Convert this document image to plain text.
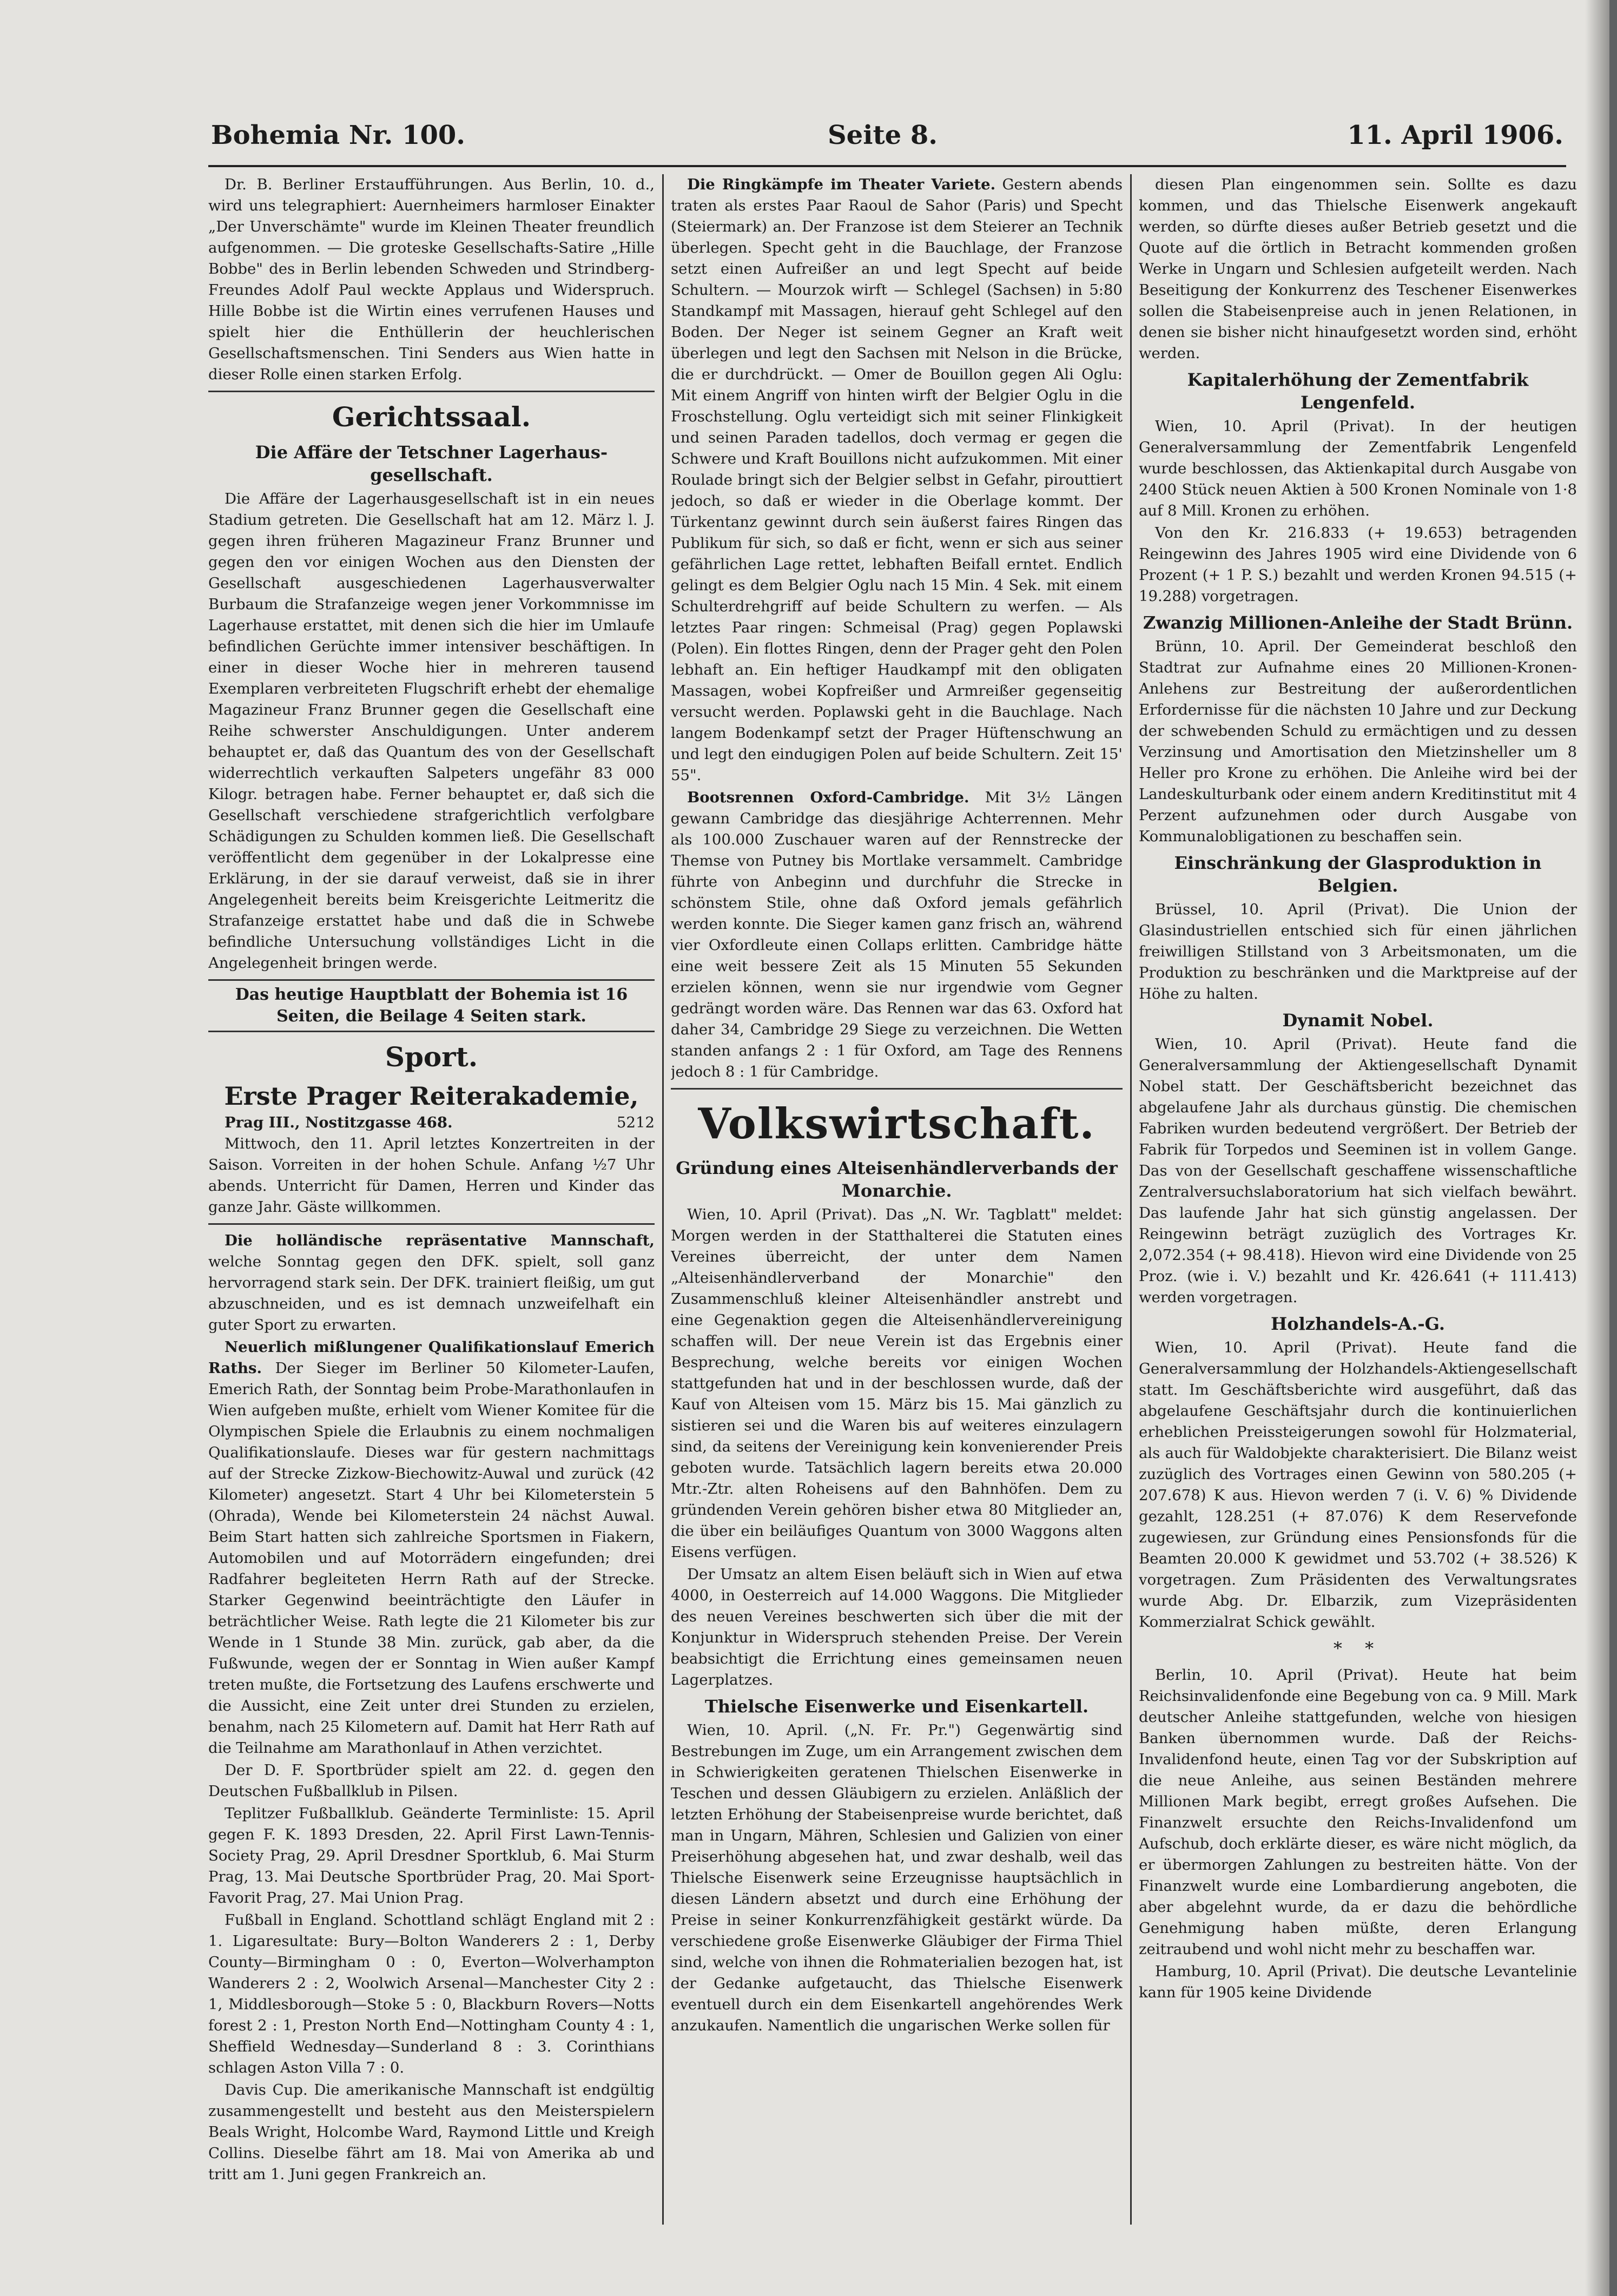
Bohemia Nr. 100.	Seite 8.	11. April 1906.

Dr. B. Berliner Erstaufführungen. Aus Berlin, 10. d., wird uns telegraphiert: Auernheimers harmloser Einakter „Der Unverschämte" wurde im Kleinen Theater freundlich aufgenommen. — Die groteske Gesellschafts-Satire „Hille Bobbe" des in Berlin lebenden Schweden und Strindberg-Freundes Adolf Paul weckte Applaus und Widerspruch. Hille Bobbe ist die Wirtin eines verrufenen Hauses und spielt hier die Enthüllerin der heuchlerischen Gesellschaftsmenschen. Tini Senders aus Wien hatte in dieser Rolle einen starken Erfolg.

Gerichtssaal.
Die Affäre der Tetschner Lagerhaus-gesellschaft.

Die Affäre der Lagerhausgesellschaft ist in ein neues Stadium getreten. Die Gesellschaft hat am 12. März l. J. gegen ihren früheren Magazineur Franz Brunner und gegen den vor einigen Wochen aus den Diensten der Gesellschaft ausgeschiedenen Lagerhausverwalter Burbaum die Strafanzeige wegen jener Vorkommnisse im Lagerhause erstattet, mit denen sich die hier im Umlaufe befindlichen Gerüchte immer intensiver beschäftigen. In einer in dieser Woche hier in mehreren tausend Exemplaren verbreiteten Flugschrift erhebt der ehemalige Magazineur Franz Brunner gegen die Gesellschaft eine Reihe schwerster Anschuldigungen. Unter anderem behauptet er, daß das Quantum des von der Gesellschaft widerrechtlich verkauften Salpeters ungefähr 83 000 Kilogr. betragen habe. Ferner behauptet er, daß sich die Gesellschaft verschiedene strafgerichtlich verfolgbare Schädigungen zu Schulden kommen ließ. Die Gesellschaft veröffentlicht dem gegenüber in der Lokalpresse eine Erklärung, in der sie darauf verweist, daß sie in ihrer Angelegenheit bereits beim Kreisgerichte Leitmeritz die Strafanzeige erstattet habe und daß die in Schwebe befindliche Untersuchung vollständiges Licht in die Angelegenheit bringen werde.

Das heutige Hauptblatt der Bohemia ist 16 Seiten, die Beilage 4 Seiten stark.
Sport.
Erste Prager Reiterakademie,

Prag III., Nostitzgasse 468.	5212

Mittwoch, den 11. April letztes Konzertreiten in der Saison. Vorreiten in der hohen Schule. Anfang ½7 Uhr abends. Unterricht für Damen, Herren und Kinder das ganze Jahr. Gäste willkommen.

Die holländische repräsentative Mannschaft, welche Sonntag gegen den DFK. spielt, soll ganz hervorragend stark sein. Der DFK. trainiert fleißig, um gut abzuschneiden, und es ist demnach unzweifelhaft ein guter Sport zu erwarten.

Neuerlich mißlungener Qualifikationslauf Emerich Raths. Der Sieger im Berliner 50 Kilometer-Laufen, Emerich Rath, der Sonntag beim Probe-Marathonlaufen in Wien aufgeben mußte, erhielt vom Wiener Komitee für die Olympischen Spiele die Erlaubnis zu einem nochmaligen Qualifikationslaufe. Dieses war für gestern nachmittags auf der Strecke Zizkow-Biechowitz-Auwal und zurück (42 Kilometer) angesetzt. Start 4 Uhr bei Kilometerstein 5 (Ohrada), Wende bei Kilometerstein 24 nächst Auwal. Beim Start hatten sich zahlreiche Sportsmen in Fiakern, Automobilen und auf Motorrädern eingefunden; drei Radfahrer begleiteten Herrn Rath auf der Strecke. Starker Gegenwind beeinträchtigte den Läufer in beträchtlicher Weise. Rath legte die 21 Kilometer bis zur Wende in 1 Stunde 38 Min. zurück, gab aber, da die Fußwunde, wegen der er Sonntag in Wien außer Kampf treten mußte, die Fortsetzung des Laufens erschwerte und die Aussicht, eine Zeit unter drei Stunden zu erzielen, benahm, nach 25 Kilometern auf. Damit hat Herr Rath auf die Teilnahme am Marathonlauf in Athen verzichtet.

Der D. F. Sportbrüder spielt am 22. d. gegen den Deutschen Fußballklub in Pilsen.

Teplitzer Fußballklub. Geänderte Terminliste: 15. April gegen F. K. 1893 Dresden, 22. April First Lawn-Tennis-Society Prag, 29. April Dresdner Sportklub, 6. Mai Sturm Prag, 13. Mai Deutsche Sportbrüder Prag, 20. Mai Sport-Favorit Prag, 27. Mai Union Prag.

Fußball in England. Schottland schlägt England mit 2 : 1. Ligaresultate: Bury—Bolton Wanderers 2 : 1, Derby County—Birmingham 0 : 0, Everton—Wolverhampton Wanderers 2 : 2, Woolwich Arsenal—Manchester City 2 : 1, Middlesborough—Stoke 5 : 0, Blackburn Rovers—Notts forest 2 : 1, Preston North End—Nottingham County 4 : 1, Sheffield Wednesday—Sunderland 8 : 3. Corinthians schlagen Aston Villa 7 : 0.

Davis Cup. Die amerikanische Mannschaft ist endgültig zusammengestellt und besteht aus den Meisterspielern Beals Wright, Holcombe Ward, Raymond Little und Kreigh Collins. Dieselbe fährt am 18. Mai von Amerika ab und tritt am 1. Juni gegen Frankreich an.

Die Ringkämpfe im Theater Variete. Gestern abends traten als erstes Paar Raoul de Sahor (Paris) und Specht (Steiermark) an. Der Franzose ist dem Steierer an Technik überlegen. Specht geht in die Bauchlage, der Franzose setzt einen Aufreißer an und legt Specht auf beide Schultern. — Mourzok wirft — Schlegel (Sachsen) in 5:80 Standkampf mit Massagen, hierauf geht Schlegel auf den Boden. Der Neger ist seinem Gegner an Kraft weit überlegen und legt den Sachsen mit Nelson in die Brücke, die er durchdrückt. — Omer de Bouillon gegen Ali Oglu: Mit einem Angriff von hinten wirft der Belgier Oglu in die Froschstellung. Oglu verteidigt sich mit seiner Flinkigkeit und seinen Paraden tadellos, doch vermag er gegen die Schwere und Kraft Bouillons nicht aufzukommen. Mit einer Roulade bringt sich der Belgier selbst in Gefahr, pirouttiert jedoch, so daß er wieder in die Oberlage kommt. Der Türkentanz gewinnt durch sein äußerst faires Ringen das Publikum für sich, so daß er ficht, wenn er sich aus seiner gefährlichen Lage rettet, lebhaften Beifall erntet. Endlich gelingt es dem Belgier Oglu nach 15 Min. 4 Sek. mit einem Schulterdrehgriff auf beide Schultern zu werfen. — Als letztes Paar ringen: Schmeisal (Prag) gegen Poplawski (Polen). Ein flottes Ringen, denn der Prager geht den Polen lebhaft an. Ein heftiger Haudkampf mit den obligaten Massagen, wobei Kopfreißer und Armreißer gegenseitig versucht werden. Poplawski geht in die Bauchlage. Nach langem Bodenkampf setzt der Prager Hüftenschwung an und legt den eindugigen Polen auf beide Schultern. Zeit 15' 55".

Bootsrennen Oxford-Cambridge. Mit 3½ Längen gewann Cambridge das diesjährige Achterrennen. Mehr als 100.000 Zuschauer waren auf der Rennstrecke der Themse von Putney bis Mortlake versammelt. Cambridge führte von Anbeginn und durchfuhr die Strecke in schönstem Stile, ohne daß Oxford jemals gefährlich werden konnte. Die Sieger kamen ganz frisch an, während vier Oxfordleute einen Collaps erlitten. Cambridge hätte eine weit bessere Zeit als 15 Minuten 55 Sekunden erzielen können, wenn sie nur irgendwie vom Gegner gedrängt worden wäre. Das Rennen war das 63. Oxford hat daher 34, Cambridge 29 Siege zu verzeichnen. Die Wetten standen anfangs 2 : 1 für Oxford, am Tage des Rennens jedoch 8 : 1 für Cambridge.

Volkswirtschaft.
Gründung eines Alteisenhändlerverbands der Monarchie.

Wien, 10. April (Privat). Das „N. Wr. Tagblatt" meldet: Morgen werden in der Statthalterei die Statuten eines Vereines überreicht, der unter dem Namen „Alteisenhändlerverband der Monarchie" den Zusammenschluß kleiner Alteisenhändler anstrebt und eine Gegenaktion gegen die Alteisenhändlervereinigung schaffen will. Der neue Verein ist das Ergebnis einer Besprechung, welche bereits vor einigen Wochen stattgefunden hat und in der beschlossen wurde, daß der Kauf von Alteisen vom 15. März bis 15. Mai gänzlich zu sistieren sei und die Waren bis auf weiteres einzulagern sind, da seitens der Vereinigung kein konvenierender Preis geboten wurde. Tatsächlich lagern bereits etwa 20.000 Mtr.-Ztr. alten Roheisens auf den Bahnhöfen. Dem zu gründenden Verein gehören bisher etwa 80 Mitglieder an, die über ein beiläufiges Quantum von 3000 Waggons alten Eisens verfügen.

Der Umsatz an altem Eisen beläuft sich in Wien auf etwa 4000, in Oesterreich auf 14.000 Waggons. Die Mitglieder des neuen Vereines beschwerten sich über die mit der Konjunktur in Widerspruch stehenden Preise. Der Verein beabsichtigt die Errichtung eines gemeinsamen neuen Lagerplatzes.

Thielsche Eisenwerke und Eisenkartell.

Wien, 10. April. („N. Fr. Pr.") Gegenwärtig sind Bestrebungen im Zuge, um ein Arrangement zwischen dem in Schwierigkeiten geratenen Thielschen Eisenwerke in Teschen und dessen Gläubigern zu erzielen. Anläßlich der letzten Erhöhung der Stabeisenpreise wurde berichtet, daß man in Ungarn, Mähren, Schlesien und Galizien von einer Preiserhöhung abgesehen hat, und zwar deshalb, weil das Thielsche Eisenwerk seine Erzeugnisse hauptsächlich in diesen Ländern absetzt und durch eine Erhöhung der Preise in seiner Konkurrenzfähigkeit gestärkt würde. Da verschiedene große Eisenwerke Gläubiger der Firma Thiel sind, welche von ihnen die Rohmaterialien bezogen hat, ist der Gedanke aufgetaucht, das Thielsche Eisenwerk eventuell durch ein dem Eisenkartell angehörendes Werk anzukaufen. Namentlich die ungarischen Werke sollen für

diesen Plan eingenommen sein. Sollte es dazu kommen, und das Thielsche Eisenwerk angekauft werden, so dürfte dieses außer Betrieb gesetzt und die Quote auf die örtlich in Betracht kommenden großen Werke in Ungarn und Schlesien aufgeteilt werden. Nach Beseitigung der Konkurrenz des Teschener Eisenwerkes sollen die Stabeisenpreise auch in jenen Relationen, in denen sie bisher nicht hinaufgesetzt worden sind, erhöht werden.

Kapitalerhöhung der Zementfabrik Lengenfeld.

Wien, 10. April (Privat). In der heutigen Generalversammlung der Zementfabrik Lengenfeld wurde beschlossen, das Aktienkapital durch Ausgabe von 2400 Stück neuen Aktien à 500 Kronen Nominale von 1·8 auf 8 Mill. Kronen zu erhöhen.

Von den Kr. 216.833 (+ 19.653) betragenden Reingewinn des Jahres 1905 wird eine Dividende von 6 Prozent (+ 1 P. S.) bezahlt und werden Kronen 94.515 (+ 19.288) vorgetragen.

Zwanzig Millionen-Anleihe der Stadt Brünn.

Brünn, 10. April. Der Gemeinderat beschloß den Stadtrat zur Aufnahme eines 20 Millionen-Kronen-Anlehens zur Bestreitung der außerordentlichen Erfordernisse für die nächsten 10 Jahre und zur Deckung der schwebenden Schuld zu ermächtigen und zu dessen Verzinsung und Amortisation den Mietzinsheller um 8 Heller pro Krone zu erhöhen. Die Anleihe wird bei der Landeskulturbank oder einem andern Kreditinstitut mit 4 Perzent aufzunehmen oder durch Ausgabe von Kommunalobligationen zu beschaffen sein.

Einschränkung der Glasproduktion in Belgien.

Brüssel, 10. April (Privat). Die Union der Glasindustriellen entschied sich für einen jährlichen freiwilligen Stillstand von 3 Arbeitsmonaten, um die Produktion zu beschränken und die Marktpreise auf der Höhe zu halten.

Dynamit Nobel.

Wien, 10. April (Privat). Heute fand die Generalversammlung der Aktiengesellschaft Dynamit Nobel statt. Der Geschäftsbericht bezeichnet das abgelaufene Jahr als durchaus günstig. Die chemischen Fabriken wurden bedeutend vergrößert. Der Betrieb der Fabrik für Torpedos und Seeminen ist in vollem Gange. Das von der Gesellschaft geschaffene wissenschaftliche Zentralversuchslaboratorium hat sich vielfach bewährt. Das laufende Jahr hat sich günstig angelassen. Der Reingewinn beträgt zuzüglich des Vortrages Kr. 2,072.354 (+ 98.418). Hievon wird eine Dividende von 25 Proz. (wie i. V.) bezahlt und Kr. 426.641 (+ 111.413) werden vorgetragen.

Holzhandels-A.-G.

Wien, 10. April (Privat). Heute fand die Generalversammlung der Holzhandels-Aktiengesellschaft statt. Im Geschäftsberichte wird ausgeführt, daß das abgelaufene Geschäftsjahr durch die kontinuierlichen erheblichen Preissteigerungen sowohl für Holzmaterial, als auch für Waldobjekte charakterisiert. Die Bilanz weist zuzüglich des Vortrages einen Gewinn von 580.205 (+ 207.678) K aus. Hievon werden 7 (i. V. 6) % Dividende gezahlt, 128.251 (+ 87.076) K dem Reservefonde zugewiesen, zur Gründung eines Pensionsfonds für die Beamten 20.000 K gewidmet und 53.702 (+ 38.526) K vorgetragen. Zum Präsidenten des Verwaltungsrates wurde Abg. Dr. Elbarzik, zum Vizepräsidenten Kommerzialrat Schick gewählt.

* *

Berlin, 10. April (Privat). Heute hat beim Reichsinvalidenfonde eine Begebung von ca. 9 Mill. Mark deutscher Anleihe stattgefunden, welche von hiesigen Banken übernommen wurde. Daß der Reichs-Invalidenfond heute, einen Tag vor der Subskription auf die neue Anleihe, aus seinen Beständen mehrere Millionen Mark begibt, erregt großes Aufsehen. Die Finanzwelt ersuchte den Reichs-Invalidenfond um Aufschub, doch erklärte dieser, es wäre nicht möglich, da er übermorgen Zahlungen zu bestreiten hätte. Von der Finanzwelt wurde eine Lombardierung angeboten, die aber abgelehnt wurde, da er dazu die behördliche Genehmigung haben müßte, deren Erlangung zeitraubend und wohl nicht mehr zu beschaffen war.

Hamburg, 10. April (Privat). Die deutsche Levantelinie kann für 1905 keine Dividende
